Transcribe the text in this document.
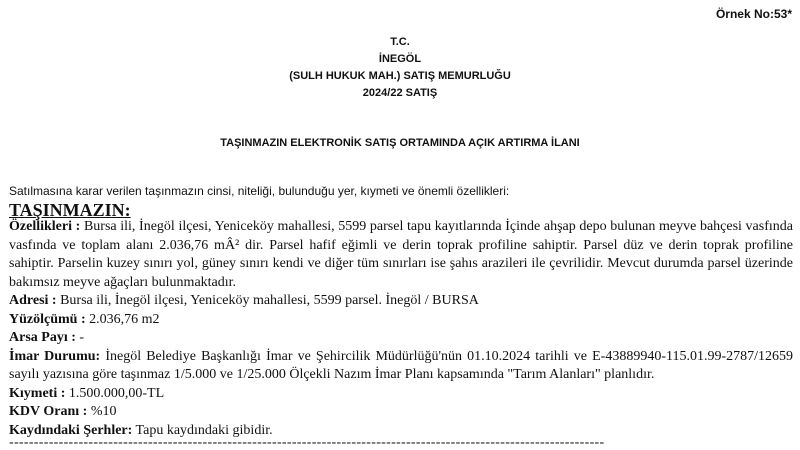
Örnek No:53*
T.C.
İNEGÖL
(SULH HUKUK MAH.) SATIŞ MEMURLUĞU
2024/22 SATIŞ
TAŞINMAZIN ELEKTRONİK SATIŞ ORTAMINDA AÇIK ARTIRMA İLANI
Satılmasına karar verilen taşınmazın cinsi, niteliği, bulunduğu yer, kıymeti ve önemli özellikleri:
TAŞINMAZIN:

Özellikleri : Bursa ili, İnegöl ilçesi, Yeniceköy mahallesi, 5599 parsel tapu kayıtlarında İçinde ahşap depo bulunan meyve bahçesi vasfında vasfında ve toplam alanı 2.036,76 mÂ² dir. Parsel hafif eğimli ve derin toprak profiline sahiptir. Parsel düz ve derin toprak profiline sahiptir. Parselin kuzey sınırı yol, güney sınırı kendi ve diğer tüm sınırları ise şahıs arazileri ile çevrilidir. Mevcut durumda parsel üzerinde bakımsız meyve ağaçları bulunmaktadır.

Adresi : Bursa ili, İnegöl ilçesi, Yeniceköy mahallesi, 5599 parsel. İnegöl / BURSA

Yüzölçümü : 2.036,76 m2

Arsa Payı : -

İmar Durumu: İnegöl Belediye Başkanlığı İmar ve Şehircilik Müdürlüğü'nün 01.10.2024 tarihli ve E-43889940-115.01.99-2787/12659 sayılı yazısına göre taşınmaz 1/5.000 ve 1/25.000 Ölçekli Nazım İmar Planı kapsamında "Tarım Alanları" planlıdır.

Kıymeti : 1.500.000,00-TL

KDV Oranı : %10

Kaydındaki Şerhler: Tapu kaydındaki gibidir.

------------------------------------------------------------------------------------------------------------------------
